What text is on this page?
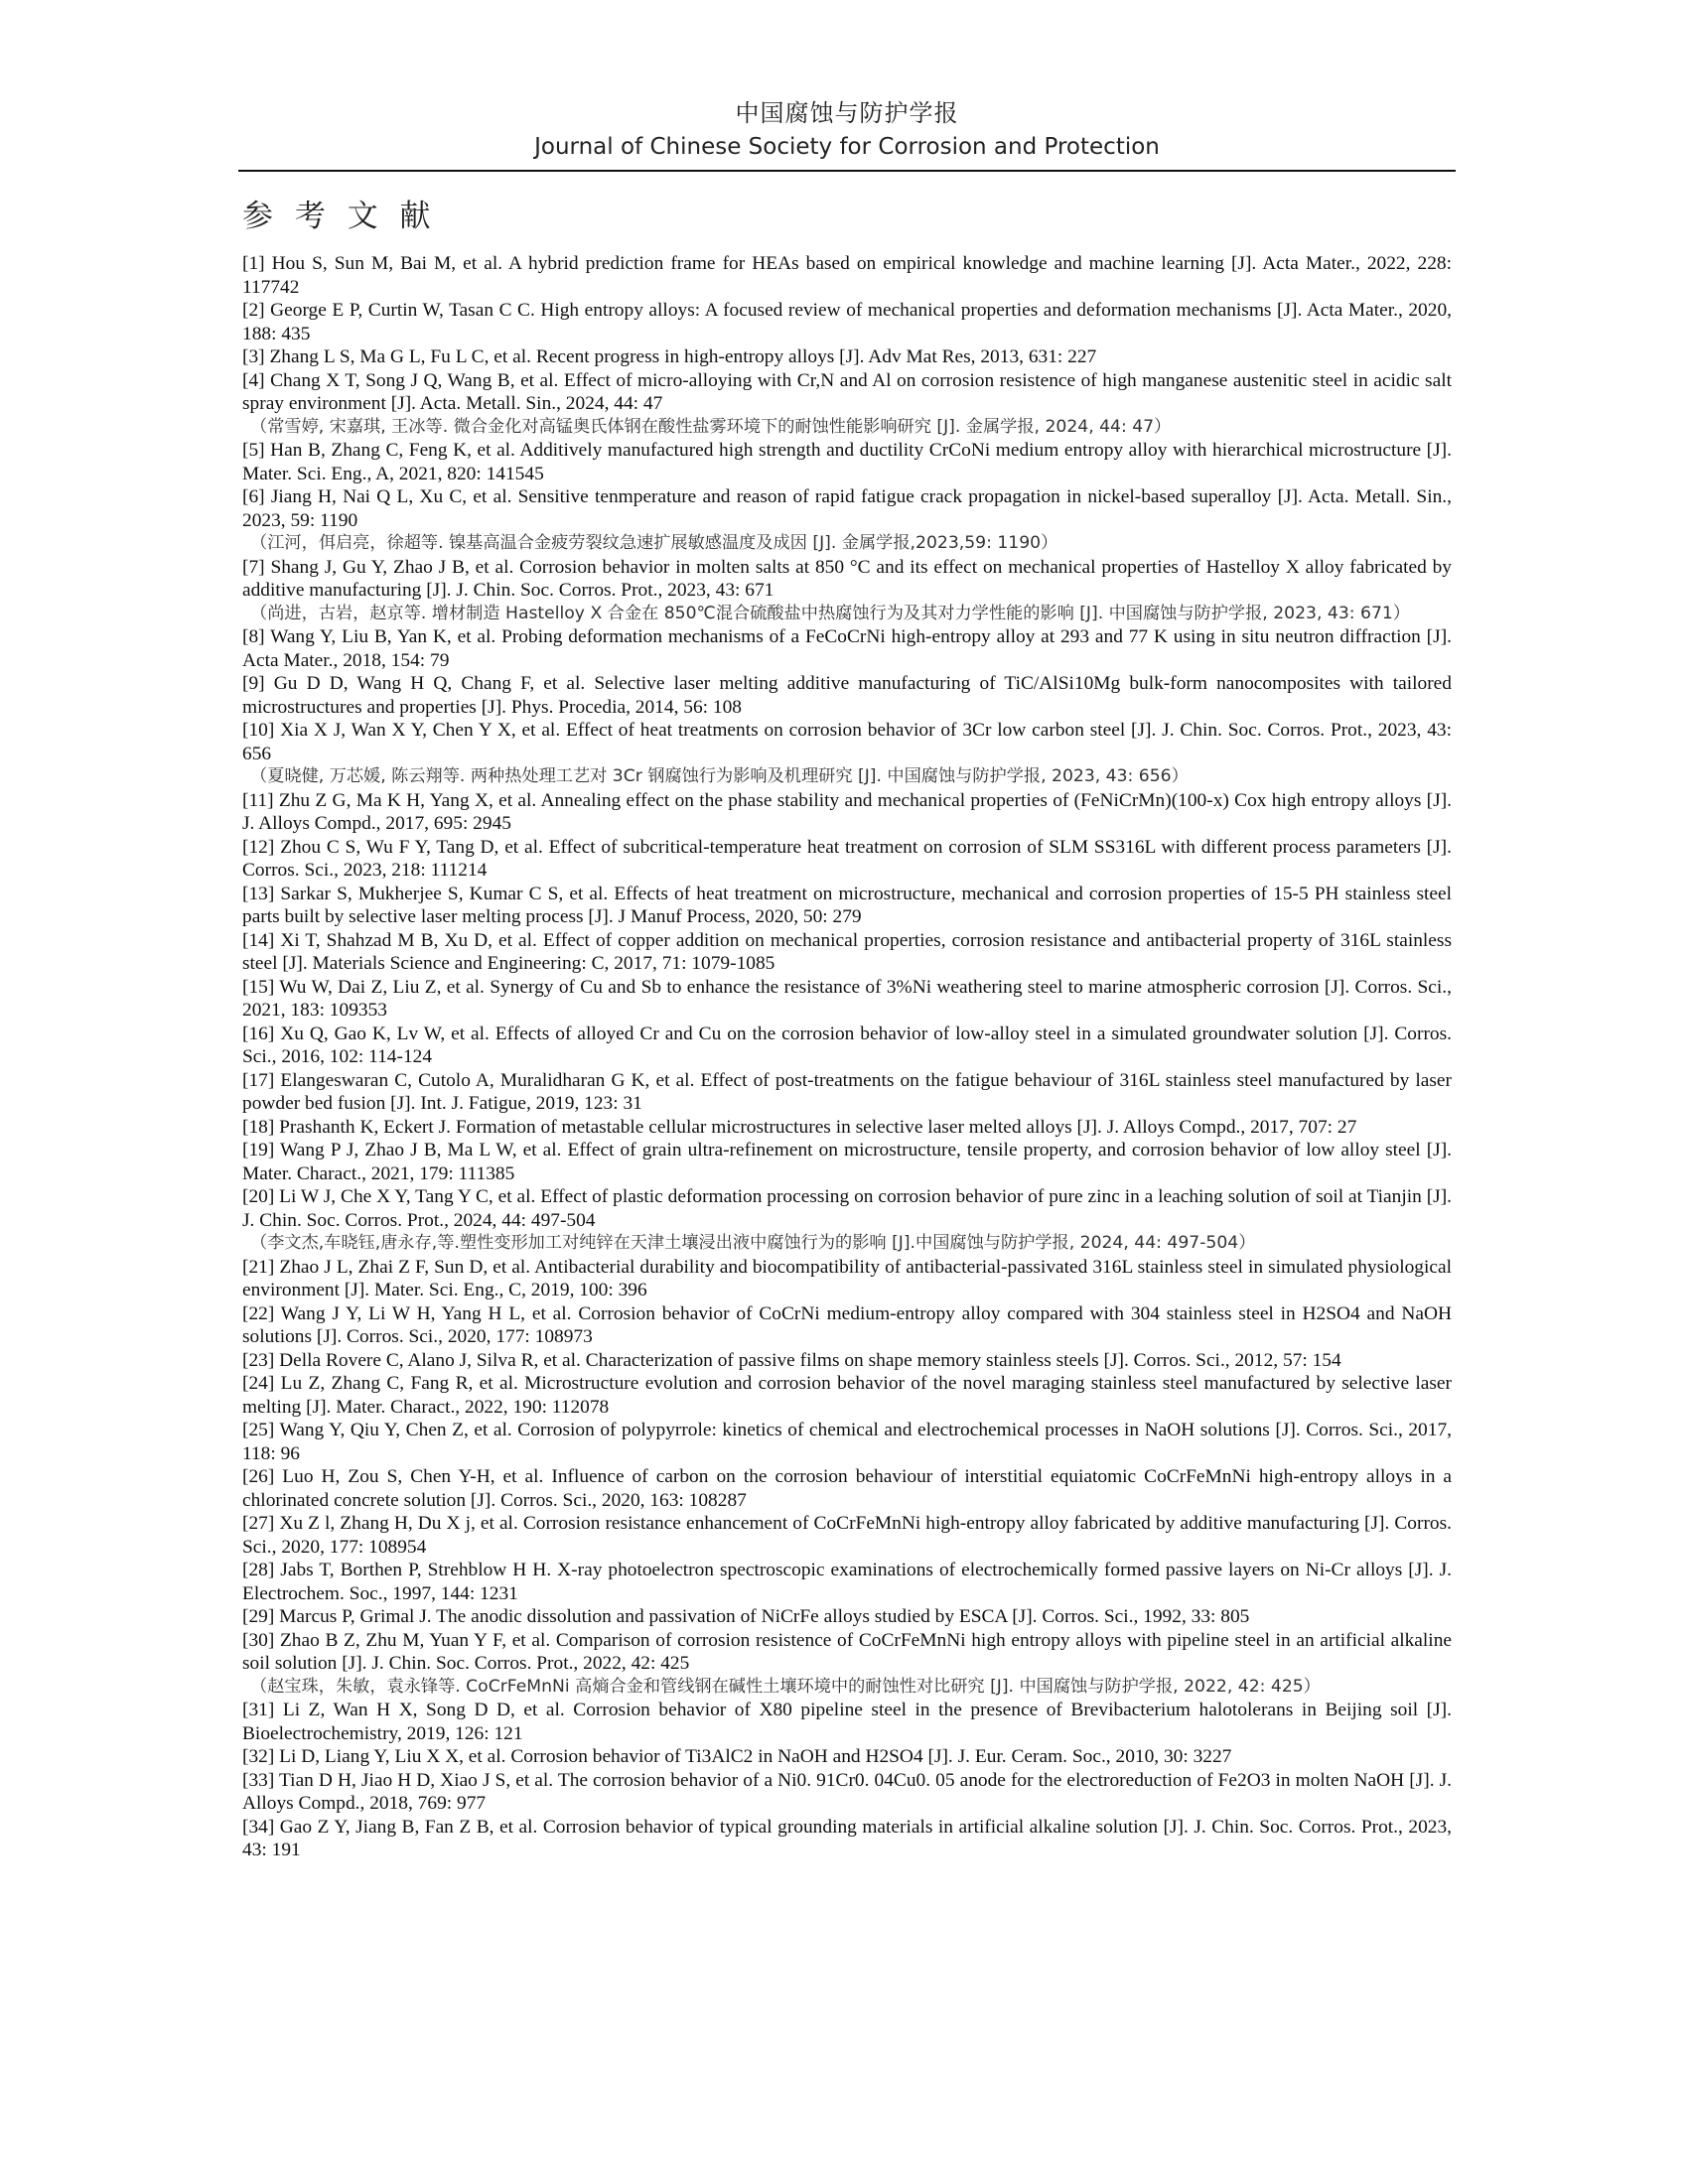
中国腐蚀与防护学报
Journal of Chinese Society for Corrosion and Protection
参 考 文 献

[1] Hou S, Sun M, Bai M, et al. A hybrid prediction frame for HEAs based on empirical knowledge and machine learning [J]. Acta Mater., 2022, 228: 117742

[2] George E P, Curtin W, Tasan C C. High entropy alloys: A focused review of mechanical properties and deformation mechanisms [J]. Acta Mater., 2020, 188: 435

[3] Zhang L S, Ma G L, Fu L C, et al. Recent progress in high-entropy alloys [J]. Adv Mat Res, 2013, 631: 227

[4] Chang X T, Song J Q, Wang B, et al. Effect of micro-alloying with Cr,N and Al on corrosion resistence of high manganese austenitic steel in acidic salt spray environment [J]. Acta. Metall. Sin., 2024, 44: 47

（常雪婷, 宋嘉琪, 王冰等. 微合金化对高锰奥氏体钢在酸性盐雾环境下的耐蚀性能影响研究 [J]. 金属学报, 2024, 44: 47）

[5] Han B, Zhang C, Feng K, et al. Additively manufactured high strength and ductility CrCoNi medium entropy alloy with hierarchical microstructure [J]. Mater. Sci. Eng., A, 2021, 820: 141545

[6] Jiang H, Nai Q L, Xu C, et al. Sensitive tenmperature and reason of rapid fatigue crack propagation in nickel-based superalloy [J]. Acta. Metall. Sin., 2023, 59: 1190

（江河，佴启亮，徐超等. 镍基高温合金疲劳裂纹急速扩展敏感温度及成因 [J]. 金属学报,2023,59: 1190）

[7] Shang J, Gu Y, Zhao J B, et al. Corrosion behavior in molten salts at 850 °C and its effect on mechanical properties of Hastelloy X alloy fabricated by additive manufacturing [J]. J. Chin. Soc. Corros. Prot., 2023, 43: 671

（尚进，古岩，赵京等. 增材制造 Hastelloy X 合金在 850℃混合硫酸盐中热腐蚀行为及其对力学性能的影响 [J]. 中国腐蚀与防护学报, 2023, 43: 671）

[8] Wang Y, Liu B, Yan K, et al. Probing deformation mechanisms of a FeCoCrNi high-entropy alloy at 293 and 77 K using in situ neutron diffraction [J]. Acta Mater., 2018, 154: 79

[9] Gu D D, Wang H Q, Chang F, et al. Selective laser melting additive manufacturing of TiC/AlSi10Mg bulk-form nanocomposites with tailored microstructures and properties [J]. Phys. Procedia, 2014, 56: 108

[10] Xia X J, Wan X Y, Chen Y X, et al. Effect of heat treatments on corrosion behavior of 3Cr low carbon steel [J]. J. Chin. Soc. Corros. Prot., 2023, 43: 656

（夏晓健, 万芯媛, 陈云翔等. 两种热处理工艺对 3Cr 钢腐蚀行为影响及机理研究 [J]. 中国腐蚀与防护学报, 2023, 43: 656）

[11] Zhu Z G, Ma K H, Yang X, et al. Annealing effect on the phase stability and mechanical properties of (FeNiCrMn)(100-x) Cox high entropy alloys [J]. J. Alloys Compd., 2017, 695: 2945

[12] Zhou C S, Wu F Y, Tang D, et al. Effect of subcritical-temperature heat treatment on corrosion of SLM SS316L with different process parameters [J]. Corros. Sci., 2023, 218: 111214

[13] Sarkar S, Mukherjee S, Kumar C S, et al. Effects of heat treatment on microstructure, mechanical and corrosion properties of 15-5 PH stainless steel parts built by selective laser melting process [J]. J Manuf Process, 2020, 50: 279

[14] Xi T, Shahzad M B, Xu D, et al. Effect of copper addition on mechanical properties, corrosion resistance and antibacterial property of 316L stainless steel [J]. Materials Science and Engineering: C, 2017, 71: 1079-1085

[15] Wu W, Dai Z, Liu Z, et al. Synergy of Cu and Sb to enhance the resistance of 3%Ni weathering steel to marine atmospheric corrosion [J]. Corros. Sci., 2021, 183: 109353

[16] Xu Q, Gao K, Lv W, et al. Effects of alloyed Cr and Cu on the corrosion behavior of low-alloy steel in a simulated groundwater solution [J]. Corros. Sci., 2016, 102: 114-124

[17] Elangeswaran C, Cutolo A, Muralidharan G K, et al. Effect of post-treatments on the fatigue behaviour of 316L stainless steel manufactured by laser powder bed fusion [J]. Int. J. Fatigue, 2019, 123: 31

[18] Prashanth K, Eckert J. Formation of metastable cellular microstructures in selective laser melted alloys [J]. J. Alloys Compd., 2017, 707: 27

[19] Wang P J, Zhao J B, Ma L W, et al. Effect of grain ultra-refinement on microstructure, tensile property, and corrosion behavior of low alloy steel [J]. Mater. Charact., 2021, 179: 111385

[20] Li W J, Che X Y, Tang Y C, et al. Effect of plastic deformation processing on corrosion behavior of pure zinc in a leaching solution of soil at Tianjin [J]. J. Chin. Soc. Corros. Prot., 2024, 44: 497-504

（李文杰,车晓钰,唐永存,等.塑性变形加工对纯锌在天津土壤浸出液中腐蚀行为的影响 [J].中国腐蚀与防护学报, 2024, 44: 497-504）

[21] Zhao J L, Zhai Z F, Sun D, et al. Antibacterial durability and biocompatibility of antibacterial-passivated 316L stainless steel in simulated physiological environment [J]. Mater. Sci. Eng., C, 2019, 100: 396

[22] Wang J Y, Li W H, Yang H L, et al. Corrosion behavior of CoCrNi medium-entropy alloy compared with 304 stainless steel in H2SO4 and NaOH solutions [J]. Corros. Sci., 2020, 177: 108973

[23] Della Rovere C, Alano J, Silva R, et al. Characterization of passive films on shape memory stainless steels [J]. Corros. Sci., 2012, 57: 154

[24] Lu Z, Zhang C, Fang R, et al. Microstructure evolution and corrosion behavior of the novel maraging stainless steel manufactured by selective laser melting [J]. Mater. Charact., 2022, 190: 112078

[25] Wang Y, Qiu Y, Chen Z, et al. Corrosion of polypyrrole: kinetics of chemical and electrochemical processes in NaOH solutions [J]. Corros. Sci., 2017, 118: 96

[26] Luo H, Zou S, Chen Y-H, et al. Influence of carbon on the corrosion behaviour of interstitial equiatomic CoCrFeMnNi high-entropy alloys in a chlorinated concrete solution [J]. Corros. Sci., 2020, 163: 108287

[27] Xu Z l, Zhang H, Du X j, et al. Corrosion resistance enhancement of CoCrFeMnNi high-entropy alloy fabricated by additive manufacturing [J]. Corros. Sci., 2020, 177: 108954

[28] Jabs T, Borthen P, Strehblow H H. X-ray photoelectron spectroscopic examinations of electrochemically formed passive layers on Ni-Cr alloys [J]. J. Electrochem. Soc., 1997, 144: 1231

[29] Marcus P, Grimal J. The anodic dissolution and passivation of NiCrFe alloys studied by ESCA [J]. Corros. Sci., 1992, 33: 805

[30] Zhao B Z, Zhu M, Yuan Y F, et al. Comparison of corrosion resistence of CoCrFeMnNi high entropy alloys with pipeline steel in an artificial alkaline soil solution [J]. J. Chin. Soc. Corros. Prot., 2022, 42: 425

（赵宝珠，朱敏，袁永锋等. CoCrFeMnNi 高熵合金和管线钢在碱性土壤环境中的耐蚀性对比研究 [J]. 中国腐蚀与防护学报, 2022, 42: 425）

[31] Li Z, Wan H X, Song D D, et al. Corrosion behavior of X80 pipeline steel in the presence of Brevibacterium halotolerans in Beijing soil [J]. Bioelectrochemistry, 2019, 126: 121

[32] Li D, Liang Y, Liu X X, et al. Corrosion behavior of Ti3AlC2 in NaOH and H2SO4 [J]. J. Eur. Ceram. Soc., 2010, 30: 3227

[33] Tian D H, Jiao H D, Xiao J S, et al. The corrosion behavior of a Ni0. 91Cr0. 04Cu0. 05 anode for the electroreduction of Fe2O3 in molten NaOH [J]. J. Alloys Compd., 2018, 769: 977

[34] Gao Z Y, Jiang B, Fan Z B, et al. Corrosion behavior of typical grounding materials in artificial alkaline solution [J]. J. Chin. Soc. Corros. Prot., 2023, 43: 191
